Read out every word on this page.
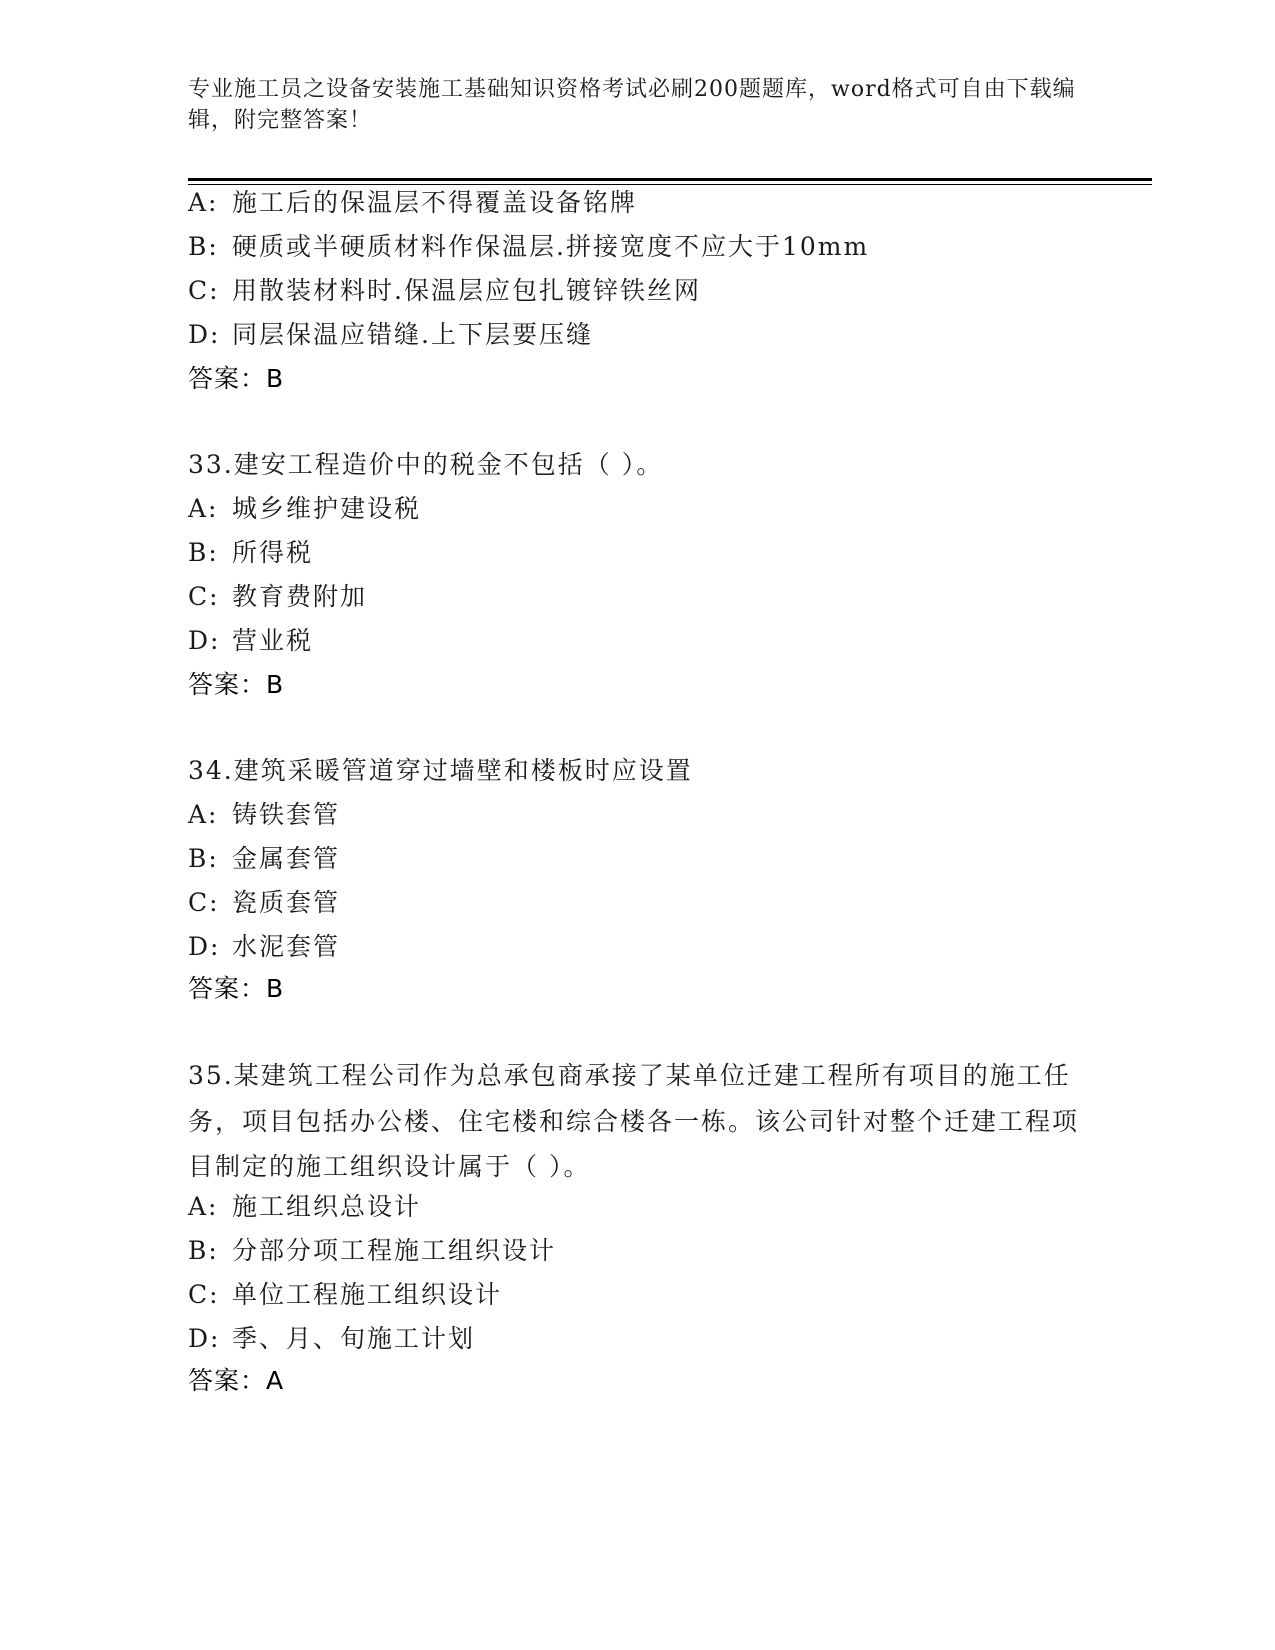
专业施工员之设备安装施工基础知识资格考试必刷200题题库，word格式可自由下载编辑，附完整答案！
A: 施工后的保温层不得覆盖设备铭牌
B: 硬质或半硬质材料作保温层.拼接宽度不应大于10mm
C: 用散装材料时.保温层应包扎镀锌铁丝网
D: 同层保温应错缝.上下层要压缝
答案：B
33.建安工程造价中的税金不包括（ ）。
A: 城乡维护建设税
B: 所得税
C: 教育费附加
D: 营业税
答案：B
34.建筑采暖管道穿过墙壁和楼板时应设置
A: 铸铁套管
B: 金属套管
C: 瓷质套管
D: 水泥套管
答案：B
35.某建筑工程公司作为总承包商承接了某单位迁建工程所有项目的施工任务，项目包括办公楼、住宅楼和综合楼各一栋。该公司针对整个迁建工程项目制定的施工组织设计属于（ ）。
A: 施工组织总设计
B: 分部分项工程施工组织设计
C: 单位工程施工组织设计
D: 季、月、旬施工计划
答案：A
